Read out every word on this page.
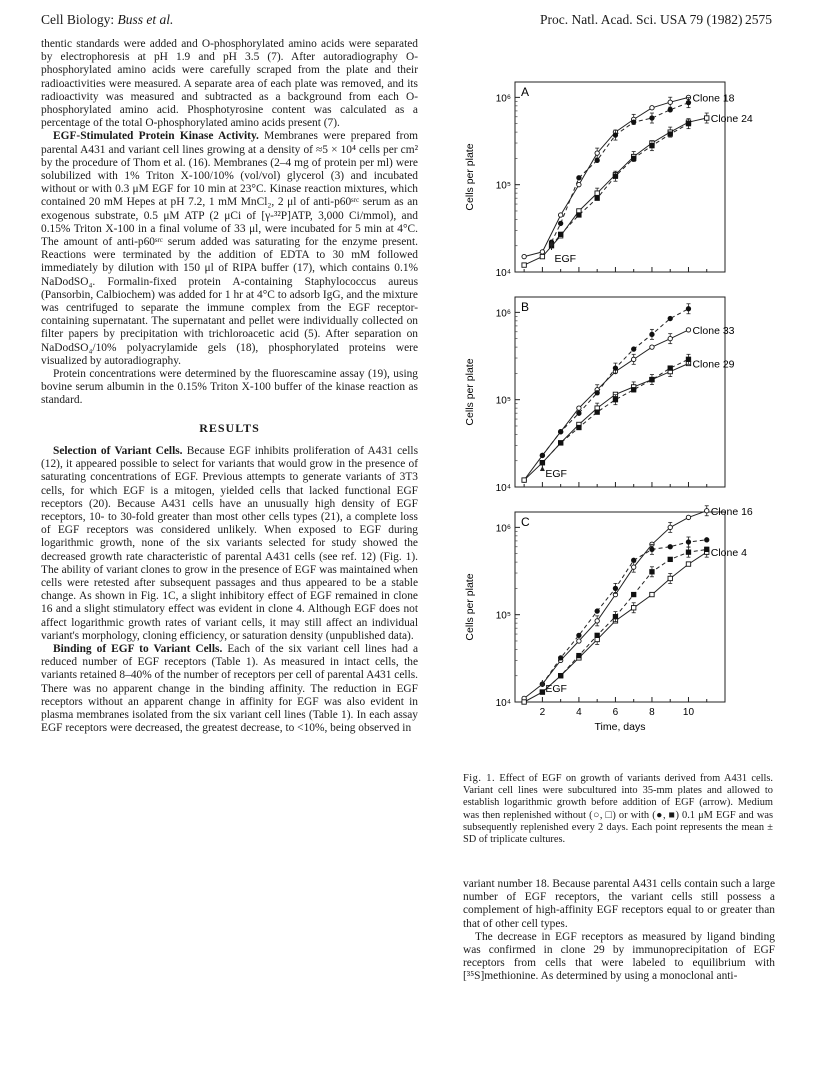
Cell Biology: Buss et al.	Proc. Natl. Acad. Sci. USA 79 (1982) 2575

thentic standards were added and O-phosphorylated amino acids were separated by electrophoresis at pH 1.9 and pH 3.5 (7). After autoradiography O-phosphorylated amino acids were carefully scraped from the plate and their radioactivities were measured. A separate area of each plate was removed, and its radioactivity was measured and subtracted as a background from each O-phosphorylated amino acid. Phosphotyrosine content was calculated as a percentage of the total O-phosphorylated amino acids present (7).

EGF-Stimulated Protein Kinase Activity. Membranes were prepared from parental A431 and variant cell lines growing at a density of ≈5 × 10⁴ cells per cm² by the procedure of Thom et al. (16). Membranes (2–4 mg of protein per ml) were solubilized with 1% Triton X-100/10% (vol/vol) glycerol (3) and incubated without or with 0.3 μM EGF for 10 min at 23°C. Kinase reaction mixtures, which contained 20 mM Hepes at pH 7.2, 1 mM MnCl₂, 2 μl of anti-p60ˢʳᶜ serum as an exogenous substrate, 0.5 μM ATP (2 μCi of [γ-³²P]ATP, 3,000 Ci/mmol), and 0.15% Triton X-100 in a final volume of 33 μl, were incubated for 5 min at 4°C. The amount of anti-p60ˢʳᶜ serum added was saturating for the enzyme present. Reactions were terminated by the addition of EDTA to 30 mM followed immediately by dilution with 150 μl of RIPA buffer (17), which contains 0.1% NaDodSO₄. Formalin-fixed protein A-containing Staphylococcus aureus (Pansorbin, Calbiochem) was added for 1 hr at 4°C to adsorb IgG, and the mixture was centrifuged to separate the immune complex from the EGF receptor-containing supernatant. The supernatant and pellet were individually collected on filter papers by precipitation with trichloroacetic acid (5). After separation on NaDodSO₄/10% polyacrylamide gels (18), phosphorylated proteins were visualized by autoradiography.

Protein concentrations were determined by the fluorescamine assay (19), using bovine serum albumin in the 0.15% Triton X-100 buffer of the kinase reaction as standard.

RESULTS

Selection of Variant Cells. Because EGF inhibits proliferation of A431 cells (12), it appeared possible to select for variants that would grow in the presence of saturating concentrations of EGF. Previous attempts to generate variants of 3T3 cells, for which EGF is a mitogen, yielded cells that lacked functional EGF receptors (20). Because A431 cells have an unusually high density of EGF receptors, 10- to 30-fold greater than most other cells types (21), a complete loss of EGF receptors was considered unlikely. When exposed to EGF during logarithmic growth, none of the six variants selected for study showed the decreased growth rate characteristic of parental A431 cells (see ref. 12) (Fig. 1). The ability of variant clones to grow in the presence of EGF was maintained when cells were retested after subsequent passages and thus appeared to be a stable change. As shown in Fig. 1C, a slight inhibitory effect of EGF remained in clone 16 and a slight stimulatory effect was evident in clone 4. Although EGF does not affect logarithmic growth rates of variant cells, it may still affect an individual variant's morphology, cloning efficiency, or saturation density (unpublished data).

Binding of EGF to Variant Cells. Each of the six variant cell lines had a reduced number of EGF receptors (Table 1). As measured in intact cells, the variants retained 8–40% of the number of receptors per cell of parental A431 cells. There was no apparent change in the binding affinity. The reduction in EGF receptors without an apparent change in affinity for EGF was also evident in plasma membranes isolated from the six variant cell lines (Table 1). In each assay EGF receptors were decreased, the greatest decrease, to <10%, being observed in

A
10⁴
10⁵
10⁶
Cells per plate
Clone 18
Clone 24
EGF
B
10⁴
10⁵
10⁶
Cells per plate
Clone 33
Clone 29
EGF
C
10⁴
10⁵
10⁶
2	4	6	8	10
Cells per plate
Time, days
Clone 16
Clone 4
EGF
Fig. 1. Effect of EGF on growth of variants derived from A431 cells. Variant cell lines were subcultured into 35-mm plates and allowed to establish logarithmic growth before addition of EGF (arrow). Medium was then replenished without (○, □) or with (●, ■) 0.1 μM EGF and was subsequently replenished every 2 days. Each point represents the mean ± SD of triplicate cultures.

variant number 18. Because parental A431 cells contain such a large number of EGF receptors, the variant cells still possess a complement of high-affinity EGF receptors equal to or greater than that of other cell types.

The decrease in EGF receptors as measured by ligand binding was confirmed in clone 29 by immunoprecipitation of EGF receptors from cells that were labeled to equilibrium with [³⁵S]methionine. As determined by using a monoclonal anti-
